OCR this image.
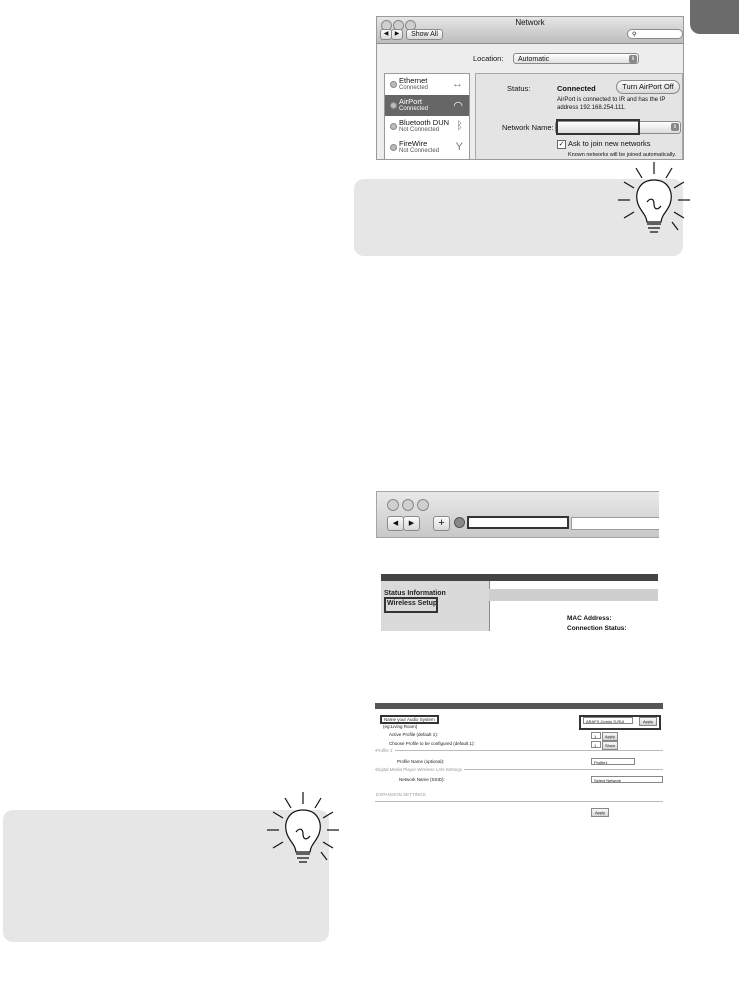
Network
◀	▶	Show All	⚲
Location:	Automatic	⇕
Ethernet
Connected ↔
AirPort
Connected ◠
Bluetooth DUN
Not Connected ᛒ
FireWire
Not Connected Y
Status:	Connected	Turn AirPort Off
AirPort is connected to IR and has the IP address 192.168.254.111.
Network Name:	⇕
✓ Ask to join new networks
Known networks will be joined automatically.
◀	▶	+
Status Information
Wireless Setup
MAC Address:
Connection Status:
Name your Audio System
(eg:Living Room)
ARAFX-Cpmlo S-RUI	Apply
Active Profile (default 1):	1	Apply
Choose Profile to be configured (default 1):	1	Show
Profile 1
Profile Name (optional):	Profile1
Digital Media Player Wireless LAN Settings
Network Name (SSID):	Select Network
EXPANSION SETTINGS
Apply
